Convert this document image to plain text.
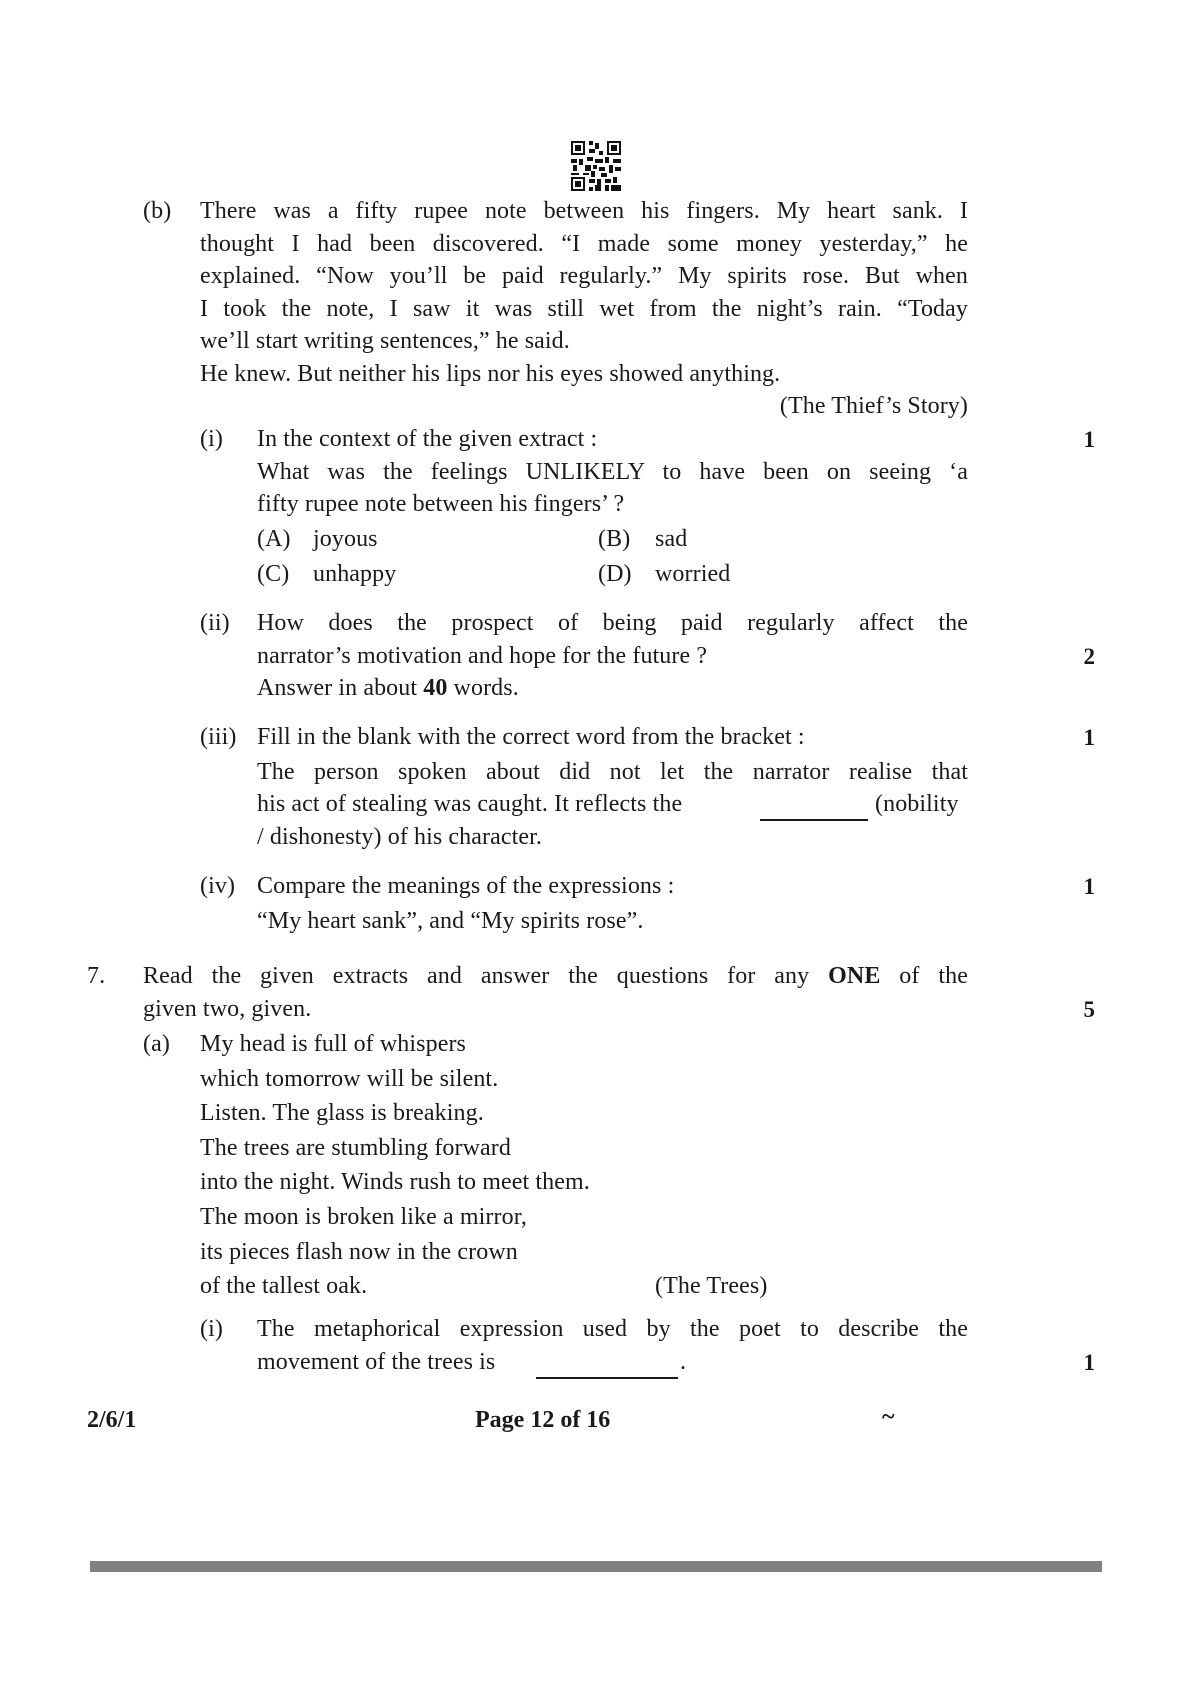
(b) There was a fifty rupee note between his fingers. My heart sank. I
thought I had been discovered. “I made some money yesterday,” he
explained. “Now you’ll be paid regularly.” My spirits rose. But when
I took the note, I saw it was still wet from the night’s rain. “Today
we’ll start writing sentences,” he said.
He knew. But neither his lips nor his eyes showed anything.
(The Thief’s Story)
(i) In the context of the given extract :	1
What was the feelings UNLIKELY to have been on seeing ‘a
fifty rupee note between his fingers’ ?
(A) joyous	(B) sad
(C) unhappy	(D) worried
(ii) How does the prospect of being paid regularly affect the
narrator’s motivation and hope for the future ?	2
Answer in about 40 words.
(iii) Fill in the blank with the correct word from the bracket :	1
The person spoken about did not let the narrator realise that
his act of stealing was caught. It reflects the	(nobility
/ dishonesty) of his character.
(iv) Compare the meanings of the expressions :	1
“My heart sank”, and “My spirits rose”.
7. Read the given extracts and answer the questions for any ONE of the
given two, given.	5
(a) My head is full of whispers
which tomorrow will be silent.
Listen. The glass is breaking.
The trees are stumbling forward
into the night. Winds rush to meet them.
The moon is broken like a mirror,
its pieces flash now in the crown
of the tallest oak.	(The Trees)
(i) The metaphorical expression used by the poet to describe the
movement of the trees is	.	1
2/6/1	Page 12 of 16	~
